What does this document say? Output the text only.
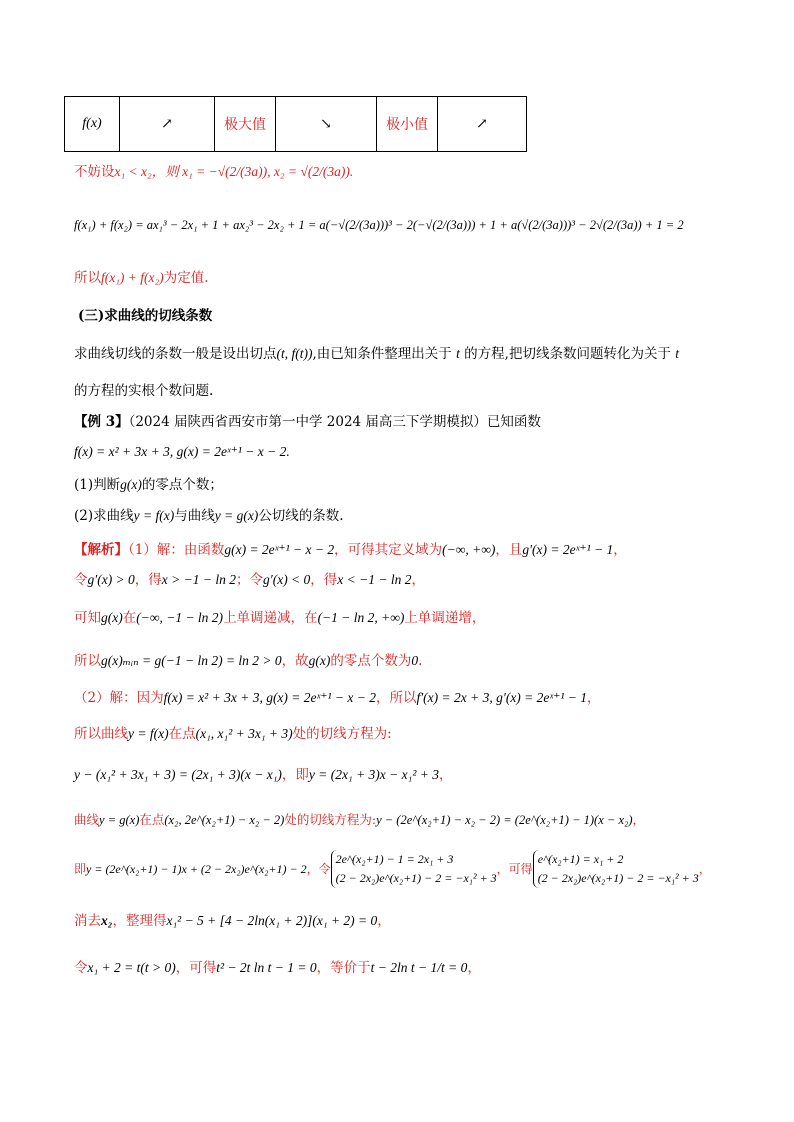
f(x)	↗	极大值	↘	极小值	↗
不妨设x₁ < x₂，则 x₁ = −√(2/(3a)), x₂ = √(2/(3a)).
f(x₁) + f(x₂) = ax₁³ − 2x₁ + 1 + ax₂³ − 2x₂ + 1 = a(−√(2/(3a)))³ − 2(−√(2/(3a))) + 1 + a(√(2/(3a)))³ − 2√(2/(3a)) + 1 = 2
所以f(x₁) + f(x₂)为定值.
(三)求曲线的切线条数
求曲线切线的条数一般是设出切点(t, f(t)),由已知条件整理出关于 t 的方程,把切线条数问题转化为关于 t
的方程的实根个数问题.
【例 3】（2024 届陕西省西安市第一中学 2024 届高三下学期模拟）已知函数
f(x) = x² + 3x + 3, g(x) = 2eˣ⁺¹ − x − 2.
(1)判断g(x)的零点个数；
(2)求曲线y = f(x)与曲线y = g(x)公切线的条数.
【解析】（1）解：由函数g(x) = 2eˣ⁺¹ − x − 2，可得其定义域为(−∞, +∞)，且g′(x) = 2eˣ⁺¹ − 1，
令g′(x) > 0，得x > −1 − ln 2；令g′(x) < 0，得x < −1 − ln 2，
可知g(x)在(−∞, −1 − ln 2)上单调递减，在(−1 − ln 2, +∞)上单调递增，
所以g(x)ₘᵢₙ = g(−1 − ln 2) = ln 2 > 0，故g(x)的零点个数为0.
（2）解：因为f(x) = x² + 3x + 3, g(x) = 2eˣ⁺¹ − x − 2，所以f′(x) = 2x + 3, g′(x) = 2eˣ⁺¹ − 1，
所以曲线y = f(x)在点(x₁, x₁² + 3x₁ + 3)处的切线方程为:
y − (x₁² + 3x₁ + 3) = (2x₁ + 3)(x − x₁)，即y = (2x₁ + 3)x − x₁² + 3，
曲线y = g(x)在点(x₂, 2e^(x₂+1) − x₂ − 2)处的切线方程为:y − (2e^(x₂+1) − x₂ − 2) = (2e^(x₂+1) − 1)(x − x₂)，
即y = (2e^(x₂+1) − 1)x + (2 − 2x₂)e^(x₂+1) − 2，令
2e^(x₂+1) − 1 = 2x₁ + 3
(2 − 2x₂)e^(x₂+1) − 2 = −x₁² + 3
，可得
e^(x₂+1) = x₁ + 2
(2 − 2x₂)e^(x₂+1) − 2 = −x₁² + 3
，
消去x₂，整理得x₁² − 5 + [4 − 2ln(x₁ + 2)](x₁ + 2) = 0，
令x₁ + 2 = t(t > 0)，可得t² − 2t ln t − 1 = 0，等价于t − 2ln t − 1/t = 0，
